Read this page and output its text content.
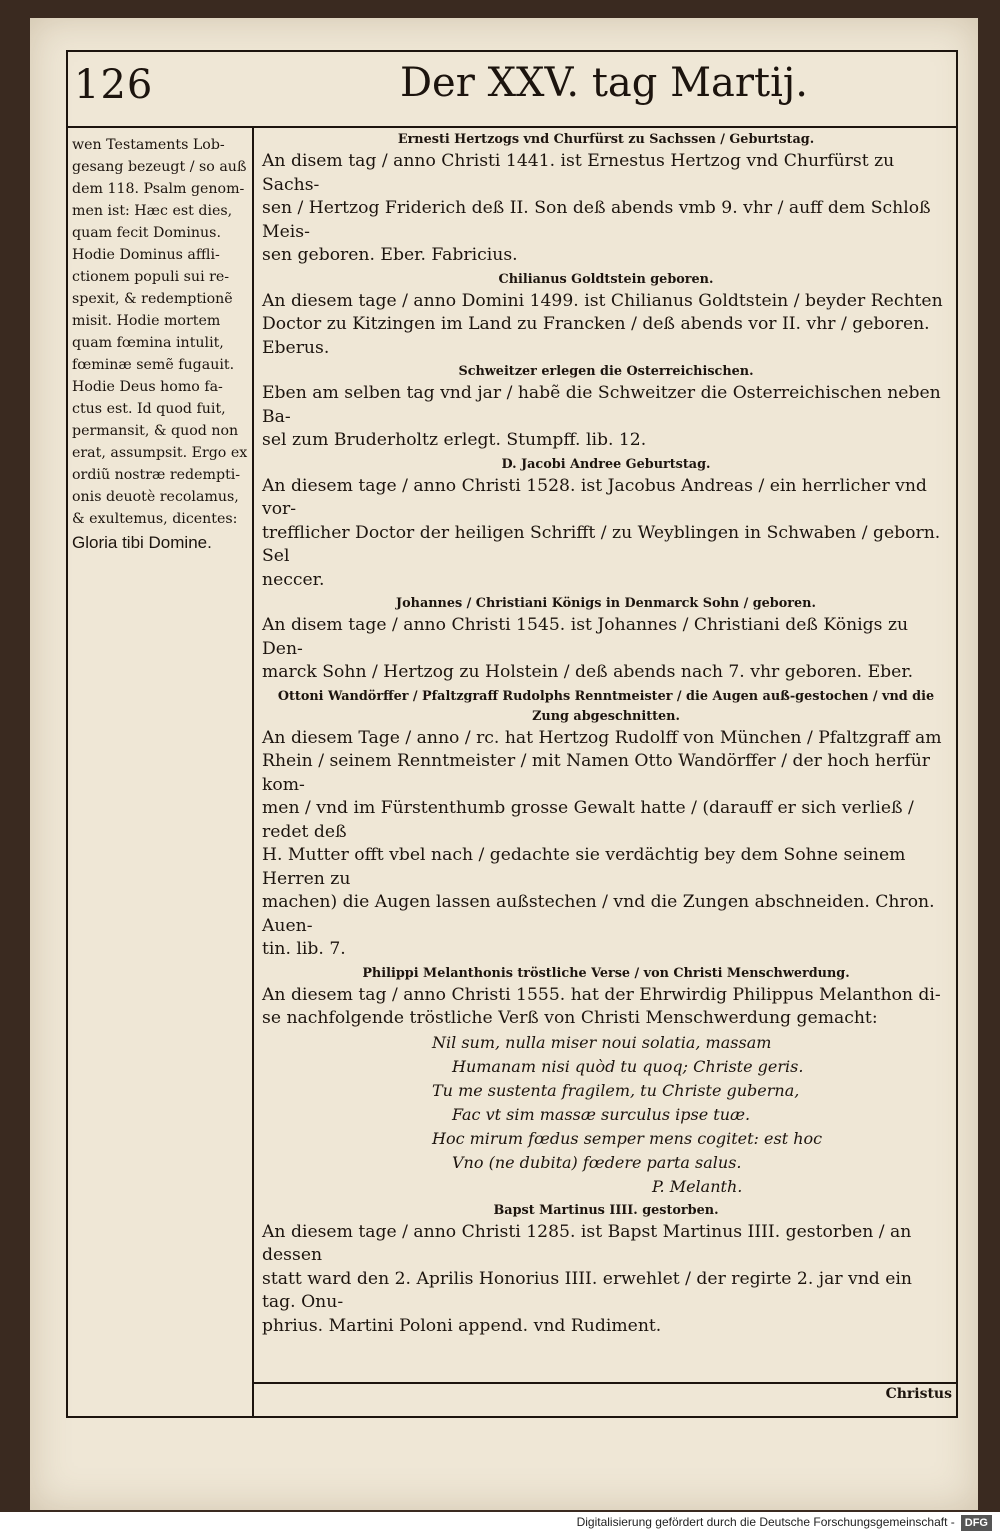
126	Der XXV. tag Martij.
wen Testaments Lob-
gesang bezeugt / so auß
dem 118. Psalm genom-
men ist: Hæc est dies,
quam fecit Dominus.
Hodie Dominus affli-
ctionem populi sui re-
spexit, & redemptionẽ
misit. Hodie mortem
quam fœmina intulit,
fœminæ semẽ fugauit.
Hodie Deus homo fa-
ctus est. Id quod fuit,
permansit, & quod non
erat, assumpsit. Ergo ex
ordiũ nostræ redempti-
onis deuotè recolamus,
& exultemus, dicentes:
Gloria tibi Domine.
Ernesti Hertzogs vnd Churfürst zu Sachssen / Geburtstag.
An disem tag / anno Christi 1441. ist Ernestus Hertzog vnd Churfürst zu Sachs-
sen / Hertzog Friderich deß II. Son deß abends vmb 9. vhr / auff dem Schloß Meis-
sen geboren. Eber. Fabricius.
Chilianus Goldtstein geboren.
An diesem tage / anno Domini 1499. ist Chilianus Goldtstein / beyder Rechten
Doctor zu Kitzingen im Land zu Francken / deß abends vor II. vhr / geboren. Eberus.
Schweitzer erlegen die Osterreichischen.
Eben am selben tag vnd jar / habẽ die Schweitzer die Osterreichischen neben Ba-
sel zum Bruderholtz erlegt. Stumpff. lib. 12.
D. Jacobi Andree Geburtstag.
An diesem tage / anno Christi 1528. ist Jacobus Andreas / ein herrlicher vnd vor-
trefflicher Doctor der heiligen Schrifft / zu Weyblingen in Schwaben / geborn. Sel
neccer.
Johannes / Christiani Königs in Denmarck Sohn / geboren.
An disem tage / anno Christi 1545. ist Johannes / Christiani deß Königs zu Den-
marck Sohn / Hertzog zu Holstein / deß abends nach 7. vhr geboren. Eber.
Ottoni Wandörffer / Pfaltzgraff Rudolphs Renntmeister / die Augen auß-gestochen / vnd die Zung abgeschnitten.
An diesem Tage / anno / rc. hat Hertzog Rudolff von München / Pfaltzgraff am
Rhein / seinem Renntmeister / mit Namen Otto Wandörffer / der hoch herfür kom-
men / vnd im Fürstenthumb grosse Gewalt hatte / (darauff er sich verließ / redet deß
H. Mutter offt vbel nach / gedachte sie verdächtig bey dem Sohne seinem Herren zu
machen) die Augen lassen außstechen / vnd die Zungen abschneiden. Chron. Auen-
tin. lib. 7.
Philippi Melanthonis tröstliche Verse / von Christi Menschwerdung.
An diesem tag / anno Christi 1555. hat der Ehrwirdig Philippus Melanthon di-
se nachfolgende tröstliche Verß von Christi Menschwerdung gemacht:
Nil sum, nulla miser noui solatia, massam
Humanam nisi quòd tu quoq; Christe geris.
Tu me sustenta fragilem, tu Christe guberna,
Fac vt sim massæ surculus ipse tuæ.
Hoc mirum fœdus semper mens cogitet: est hoc
Vno (ne dubita) fœdere parta salus.
P. Melanth.
Bapst Martinus IIII. gestorben.
An diesem tage / anno Christi 1285. ist Bapst Martinus IIII. gestorben / an dessen
statt ward den 2. Aprilis Honorius IIII. erwehlet / der regirte 2. jar vnd ein tag. Onu-
phrius. Martini Poloni append. vnd Rudiment.
Christus
Digitalisierung gefördert durch die Deutsche Forschungsgemeinschaft - DFG
